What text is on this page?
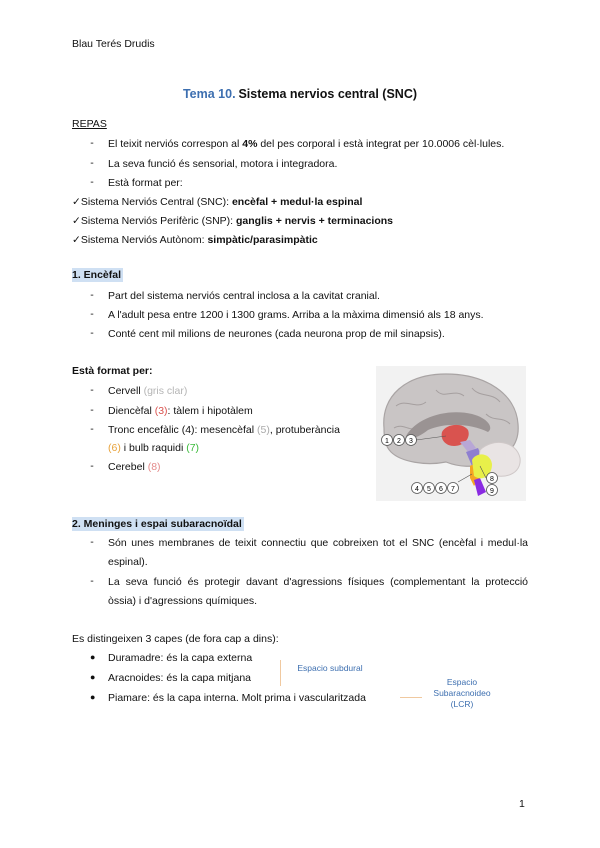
Blau Terés Drudis
Tema 10. Sistema nervios central (SNC)
REPAS
-	El teixit nerviós correspon al 4% del pes corporal i està integrat per 10.0006 cèl·lules.
-	La seva funció és sensorial, motora i integradora.
-	Està format per:
✓Sistema Nerviós Central (SNC): encèfal + medul·la espinal
✓Sistema Nerviós Perifèric (SNP): ganglis + nervis + terminacions
✓Sistema Nerviós Autònom: simpàtic/parasimpàtic
1. Encèfal
-	Part del sistema nerviós central inclosa a la cavitat cranial.
-	A l'adult pesa entre 1200 i 1300 grams. Arriba a la màxima dimensió als 18 anys.
-	Conté cent mil milions de neurones (cada neurona prop de mil sinapsis).
Està format per:
-	Cervell (gris clar)
-	Diencèfal (3): tàlem i hipotàlem
-	Tronc encefàlic (4): mesencèfal (5), protuberància
(6) i bulb raquidi (7)
-	Cerebel (8)
1 2 3
4 5 6 7
8
9
2. Meninges i espai subaracnoïdal
-	Són unes membranes de teixit connectiu que cobreixen tot el SNC (encèfal i medul·la espinal).
-	La seva funció és protegir davant d'agressions físiques (complementant la protecció òssia) i d'agressions químiques.
Es distingeixen 3 capes (de fora cap a dins):
● Duramadre: és la capa externa
● Aracnoides: és la capa mitjana
● Piamare: és la capa interna. Molt prima i vascularitzada
Espacio subdural
Espacio
Subaracnoideo
(LCR)
1
